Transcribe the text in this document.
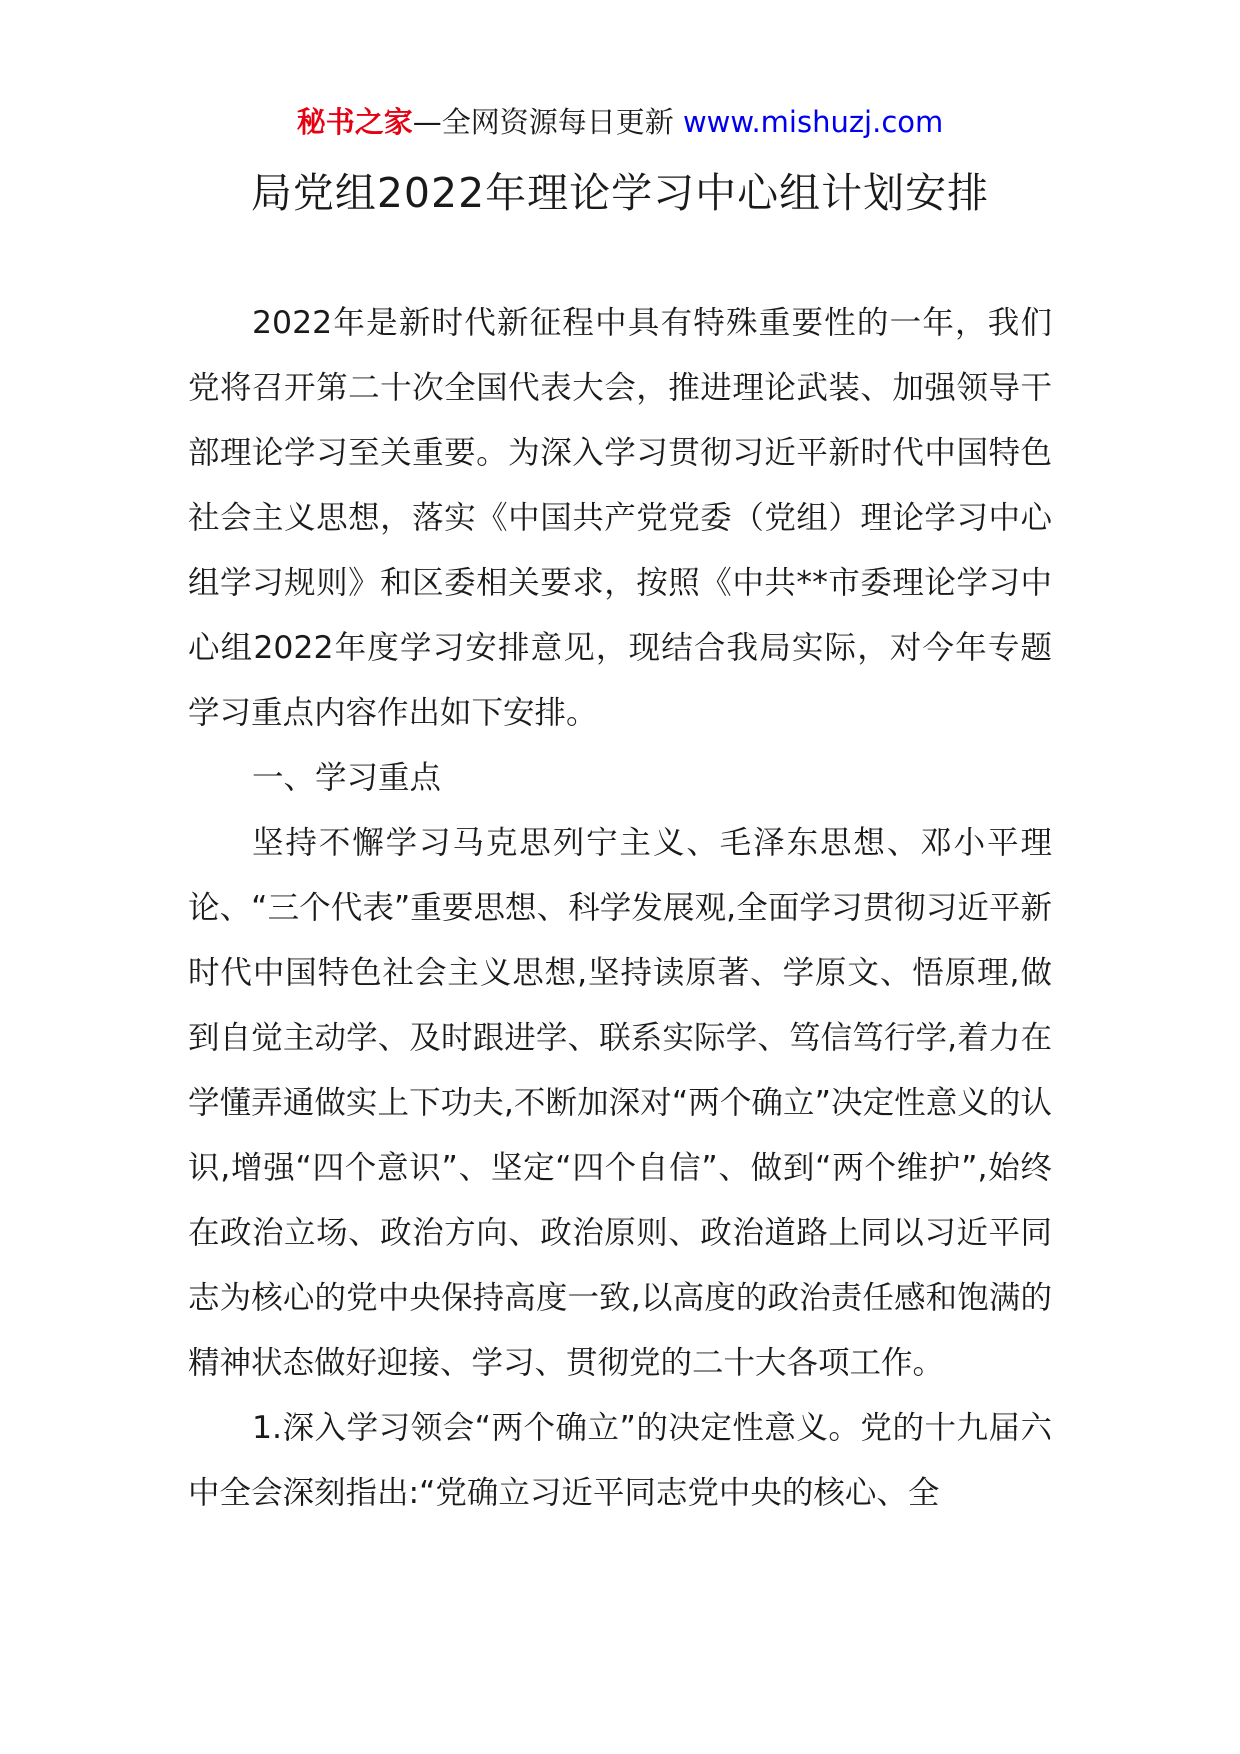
秘书之家—全网资源每日更新 www.mishuzj.com
局党组2022年理论学习中心组计划安排

2022年是新时代新征程中具有特殊重要性的一年，我们党将召开第二十次全国代表大会，推进理论武装、加强领导干部理论学习至关重要。为深入学习贯彻习近平新时代中国特色社会主义思想，落实《中国共产党党委（党组）理论学习中心组学习规则》和区委相关要求，按照《中共**市委理论学习中心组2022年度学习安排意见，现结合我局实际，对今年专题学习重点内容作出如下安排。

一、学习重点

坚持不懈学习马克思列宁主义、毛泽东思想、邓小平理论、“三个代表”重要思想、科学发展观,全面学习贯彻习近平新时代中国特色社会主义思想,坚持读原著、学原文、悟原理,做到自觉主动学、及时跟进学、联系实际学、笃信笃行学,着力在学懂弄通做实上下功夫,不断加深对“两个确立”决定性意义的认识,增强“四个意识”、坚定“四个自信”、做到“两个维护”,始终在政治立场、政治方向、政治原则、政治道路上同以习近平同志为核心的党中央保持高度一致,以高度的政治责任感和饱满的精神状态做好迎接、学习、贯彻党的二十大各项工作。

1.深入学习领会“两个确立”的决定性意义。党的十九届六中全会深刻指出:“党确立习近平同志党中央的核心、全
